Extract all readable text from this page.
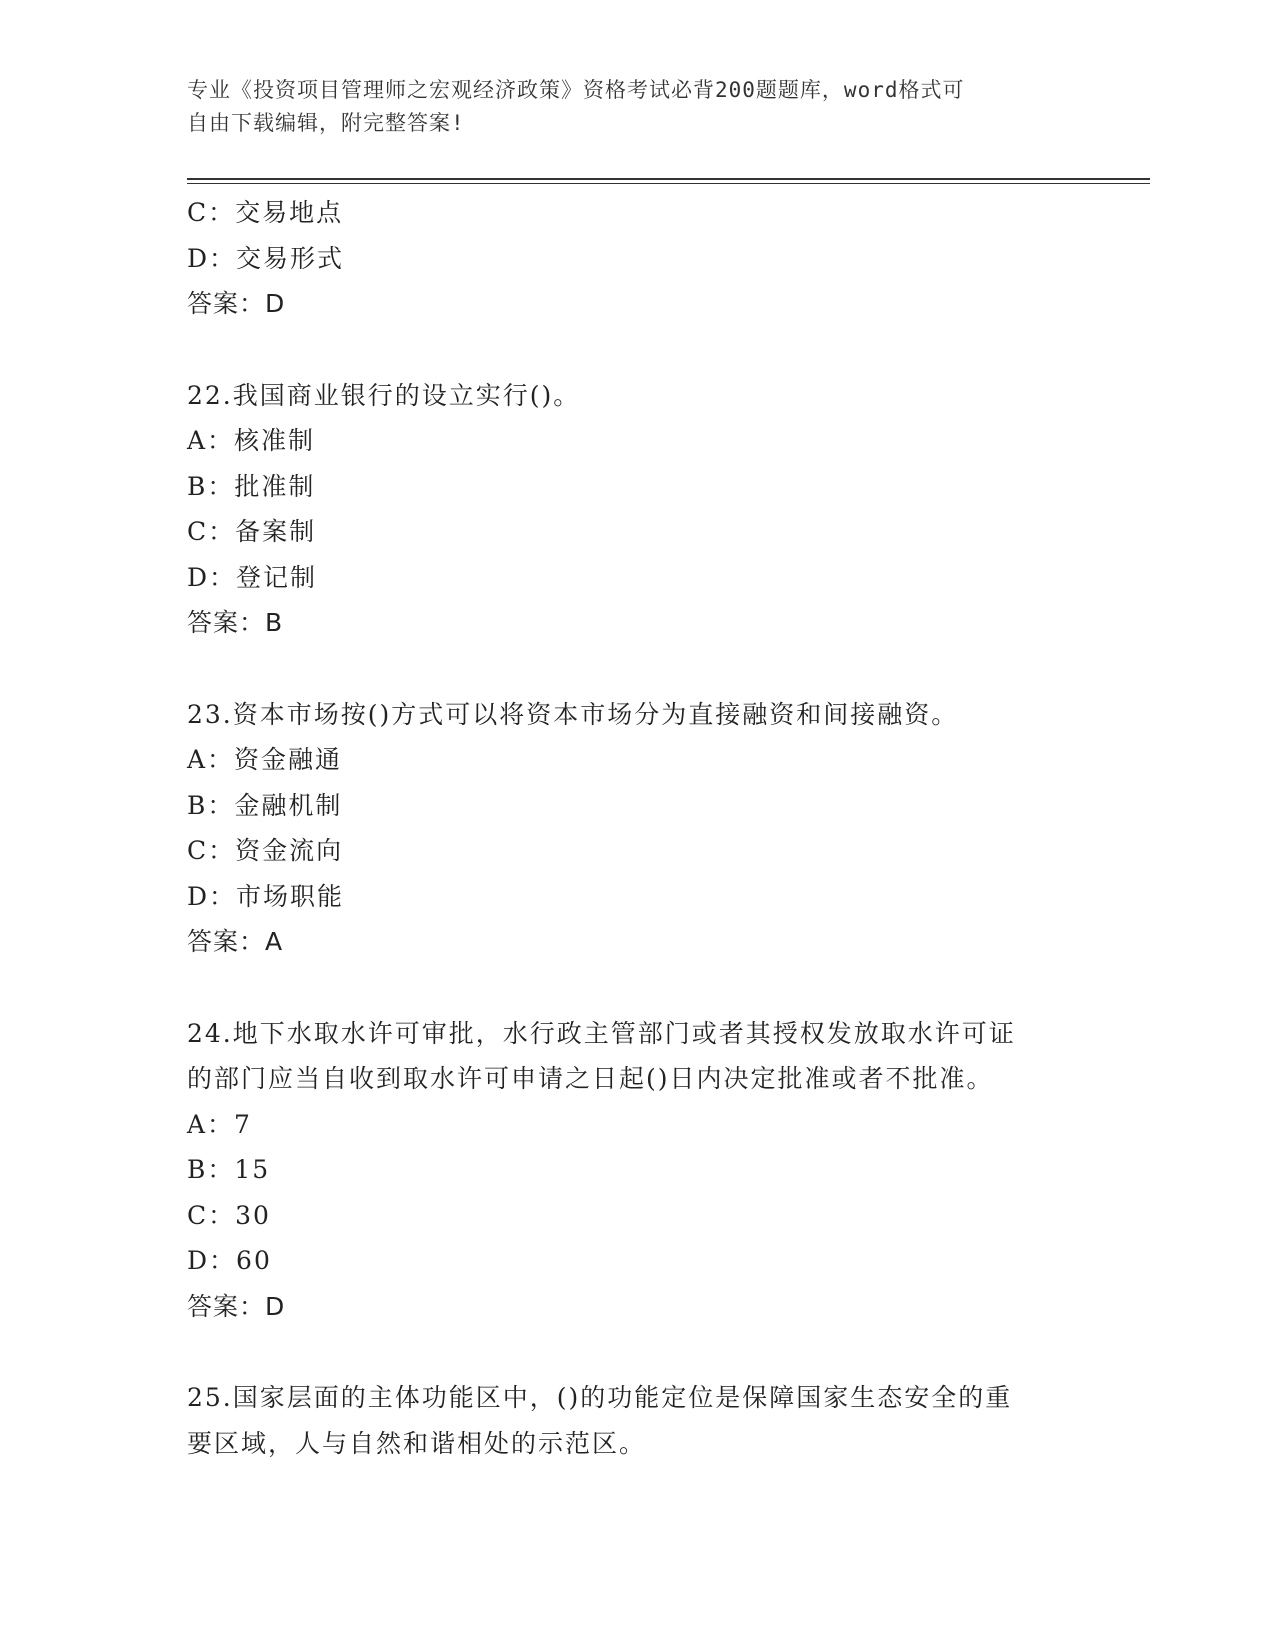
专业《投资项目管理师之宏观经济政策》资格考试必背200题题库，word格式可
自由下载编辑，附完整答案!
C：交易地点
D：交易形式
答案：D
22.我国商业银行的设立实行()。
A：核准制
B：批准制
C：备案制
D：登记制
答案：B
23.资本市场按()方式可以将资本市场分为直接融资和间接融资。
A：资金融通
B：金融机制
C：资金流向
D：市场职能
答案：A
24.地下水取水许可审批，水行政主管部门或者其授权发放取水许可证
的部门应当自收到取水许可申请之日起()日内决定批准或者不批准。
A：7
B：15
C：30
D：60
答案：D
25.国家层面的主体功能区中，()的功能定位是保障国家生态安全的重
要区域，人与自然和谐相处的示范区。
